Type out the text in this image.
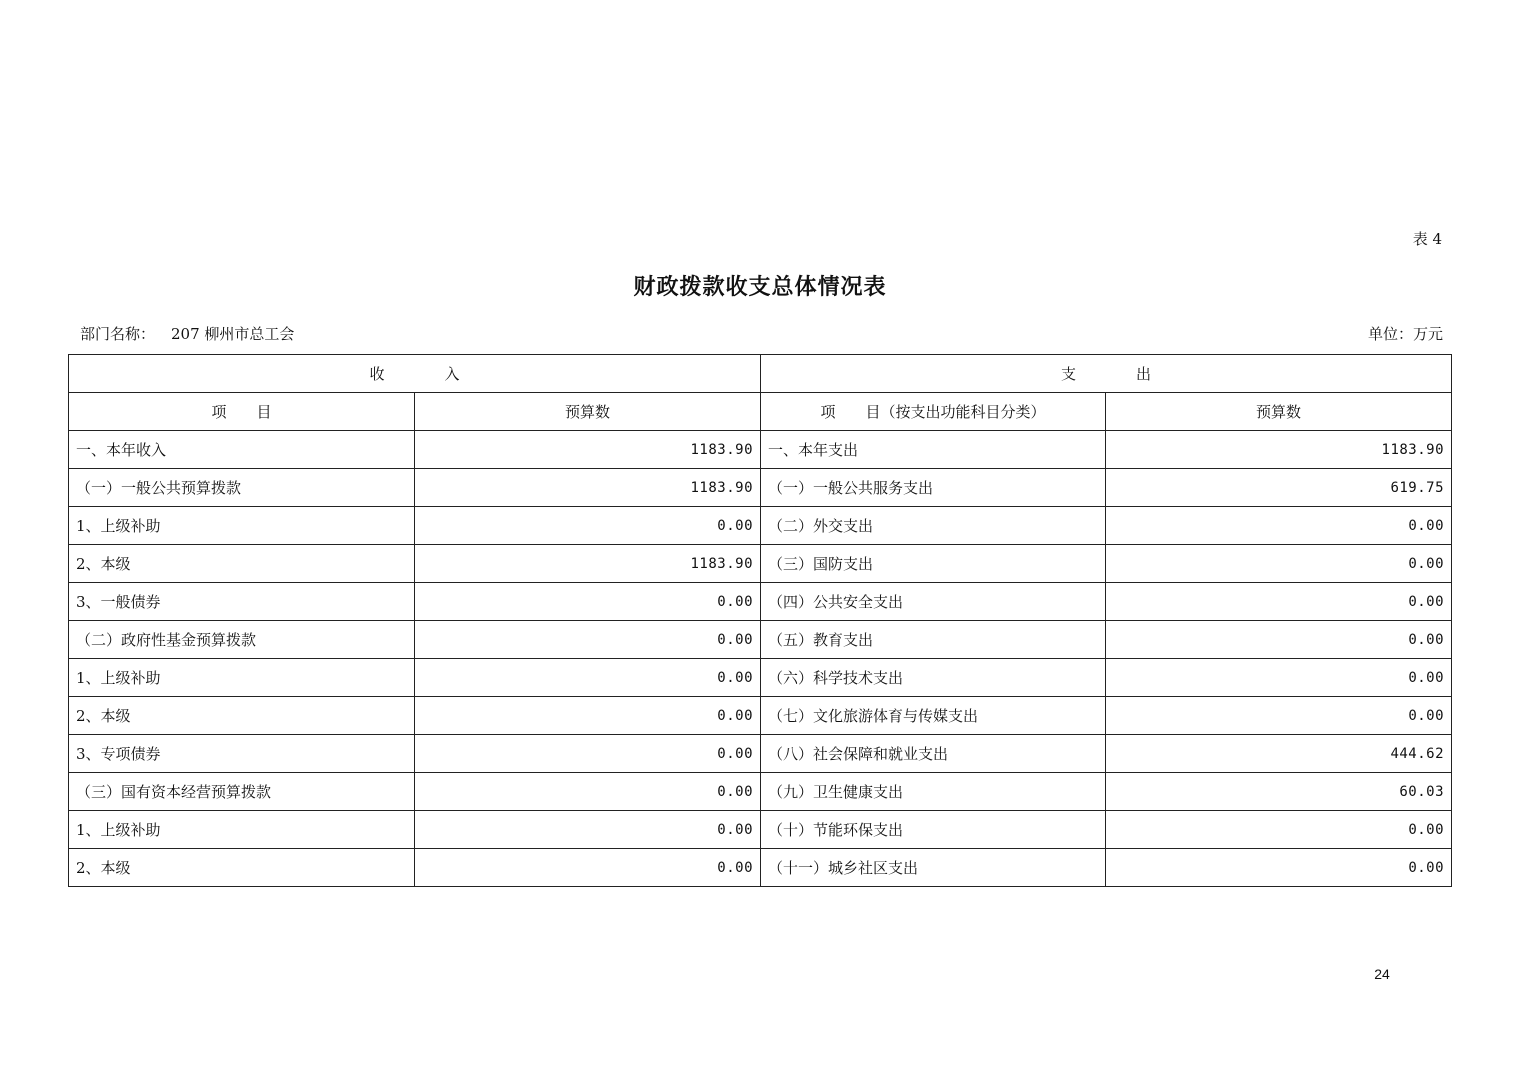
表 4
财政拨款收支总体情况表
部门名称： 207 柳州市总工会	单位：万元
收　　　　入		支　　　　出	
项　　目	预算数	项　　目（按支出功能科目分类）	预算数
一、本年收入	1183.90	一、本年支出	1183.90
（一）一般公共预算拨款	1183.90	（一）一般公共服务支出	619.75
1、上级补助	0.00	（二）外交支出	0.00
2、本级	1183.90	（三）国防支出	0.00
3、一般债券	0.00	（四）公共安全支出	0.00
（二）政府性基金预算拨款	0.00	（五）教育支出	0.00
1、上级补助	0.00	（六）科学技术支出	0.00
2、本级	0.00	（七）文化旅游体育与传媒支出	0.00
3、专项债券	0.00	（八）社会保障和就业支出	444.62
（三）国有资本经营预算拨款	0.00	（九）卫生健康支出	60.03
1、上级补助	0.00	（十）节能环保支出	0.00
2、本级	0.00	（十一）城乡社区支出	0.00
24
